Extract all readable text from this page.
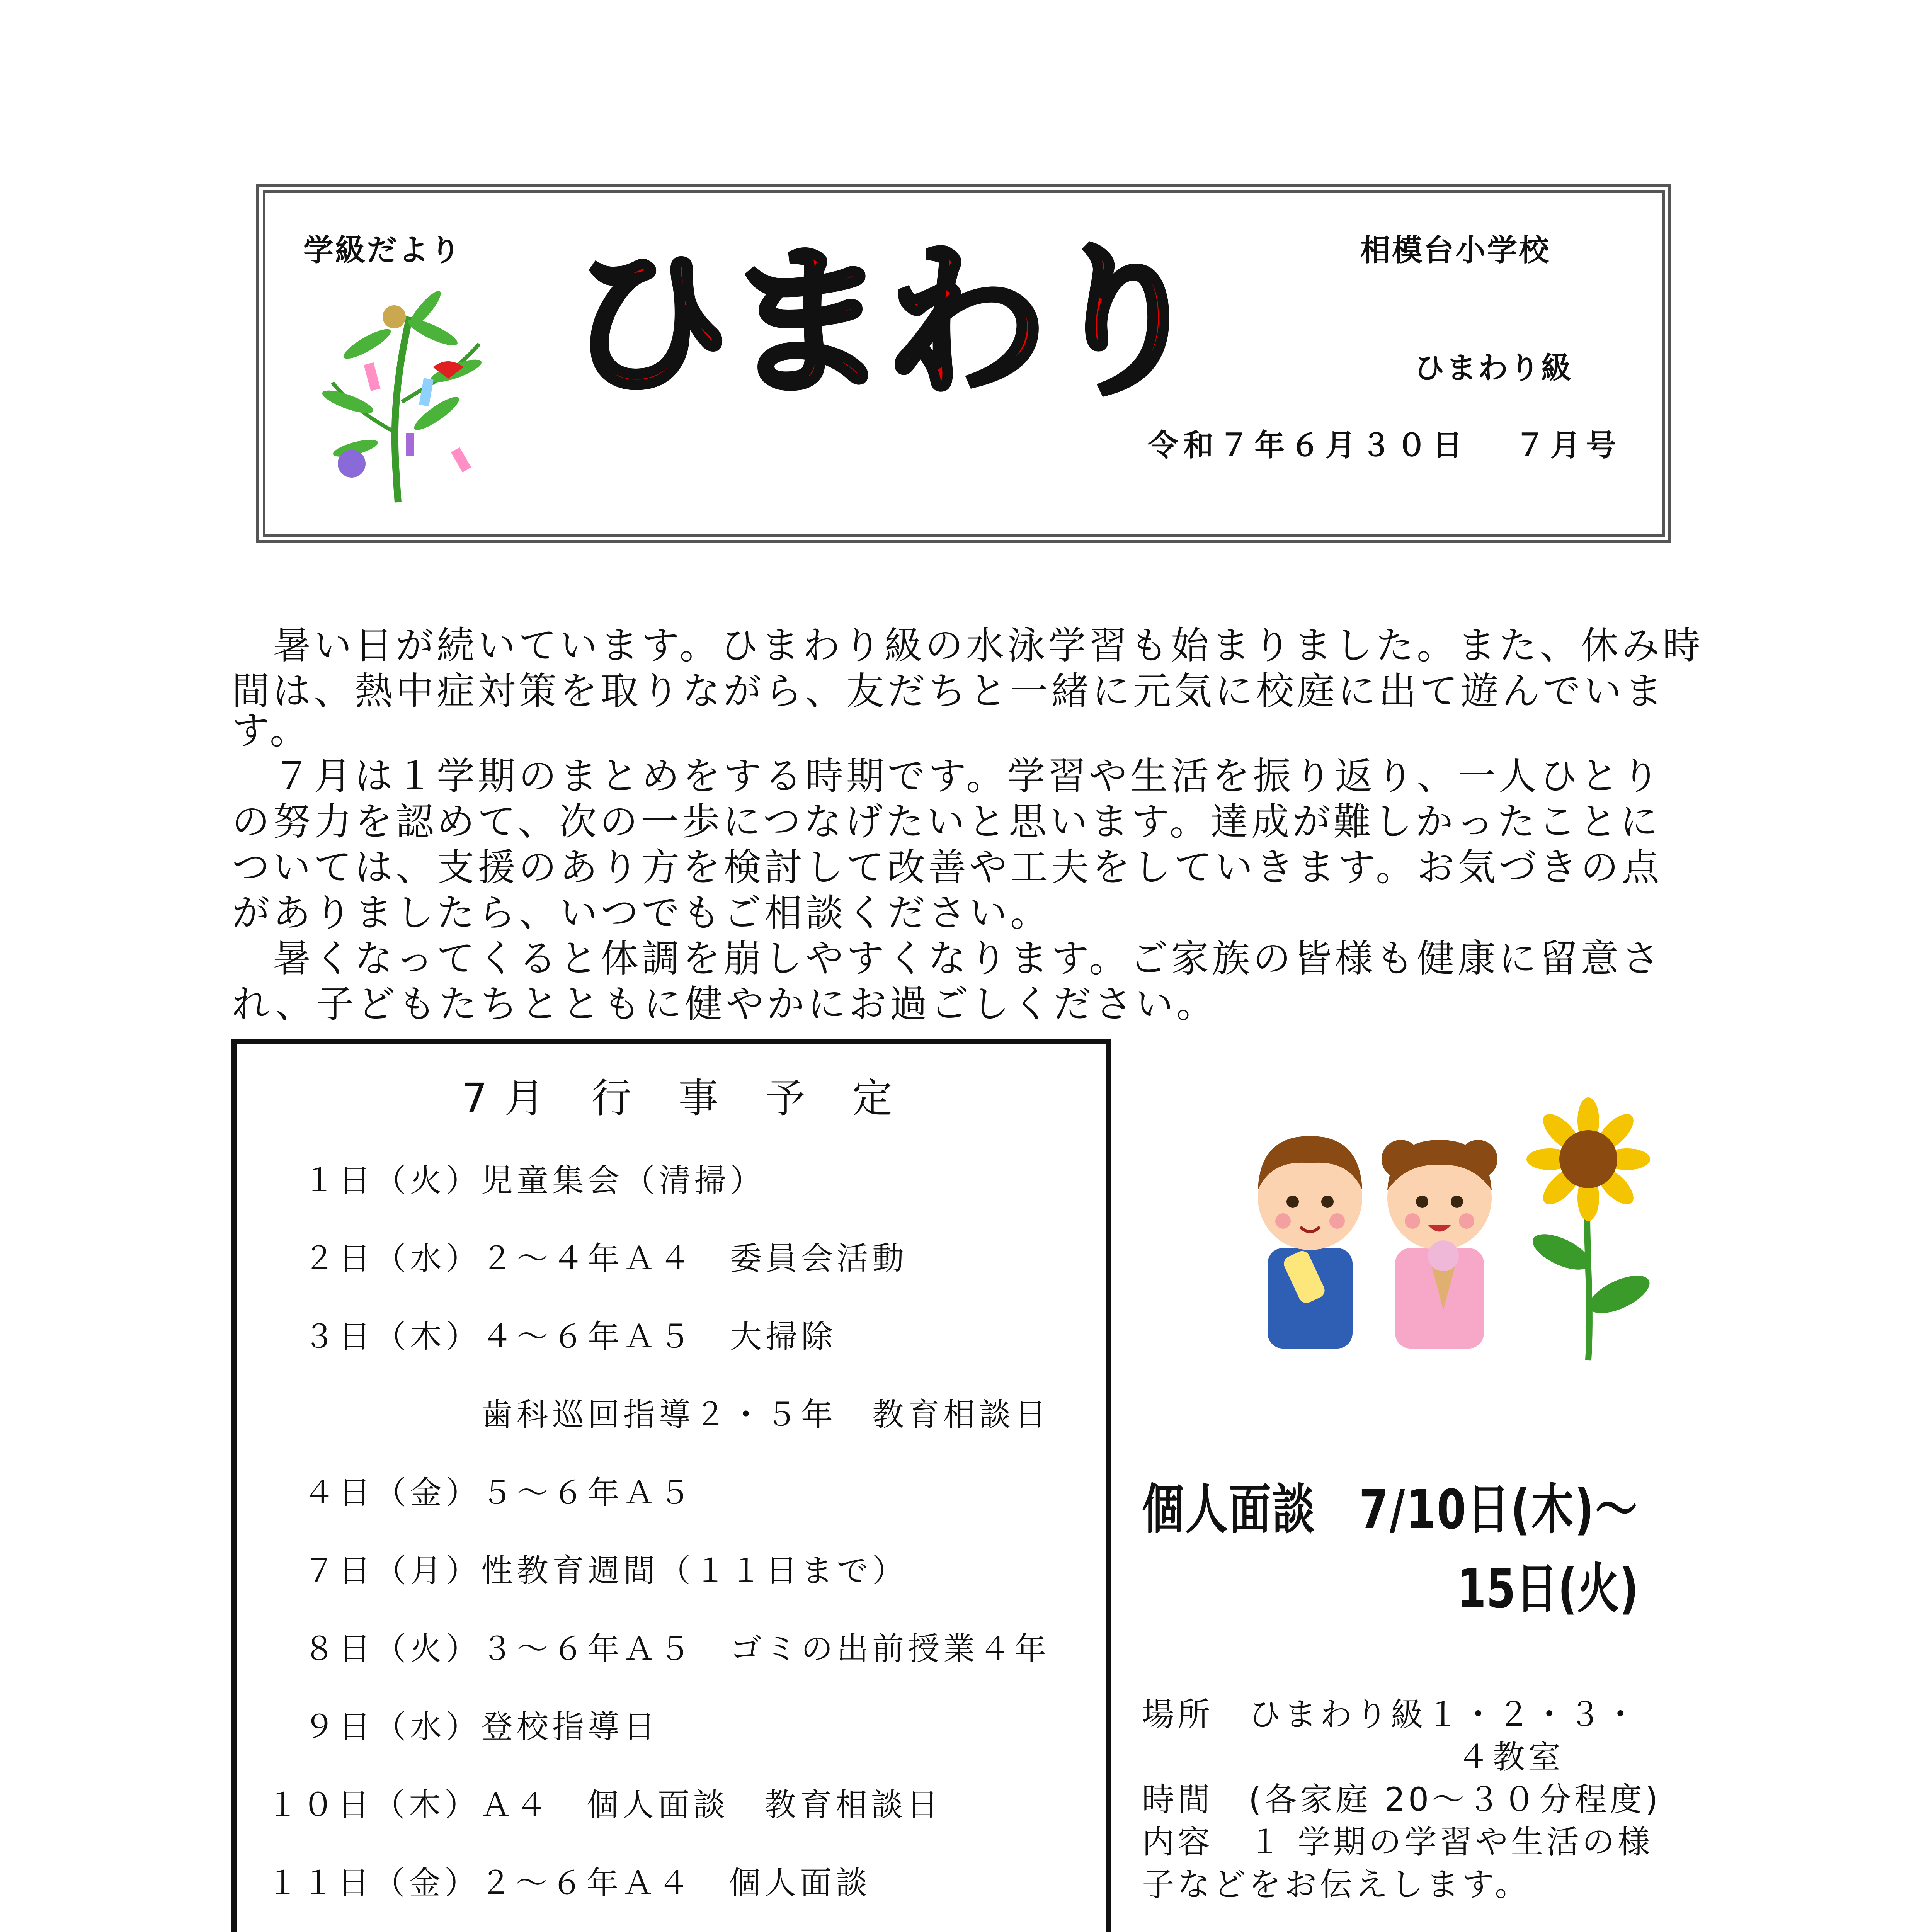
学級だより	相模台小学校
ひまわり級
令和７年６月３０日 ７月号
ひまわり
　暑い日が続いています。ひまわり級の水泳学習も始まりました。また、休み時
間は、熱中症対策を取りながら、友だちと一緒に元気に校庭に出て遊んでいま
す。
　７月は１学期のまとめをする時期です。学習や生活を振り返り、一人ひとり
の努力を認めて、次の一歩につなげたいと思います。達成が難しかったことに
ついては、支援のあり方を検討して改善や工夫をしていきます。お気づきの点
がありましたら、いつでもご相談ください。
　暑くなってくると体調を崩しやすくなります。ご家族の皆様も健康に留意さ
れ、子どもたちとともに健やかにお過ごしください。
7月 行 事 予 定
１日（火）児童集会（清掃）
２日（水）２～４年Ａ４　委員会活動
３日（木）４～６年Ａ５　大掃除
歯科巡回指導２・５年　教育相談日
４日（金）５～６年Ａ５
７日（月）性教育週間（１１日まで）
８日（火）３～６年Ａ５　ゴミの出前授業４年
９日（水）登校指導日
１０日（木）Ａ４　個人面談　教育相談日
１１日（金）２～６年Ａ４　個人面談
個人面談　7/10日(木)～
15日(火)
場所　ひまわり級１・２・３・
４教室
時間　(各家庭 20～３０分程度)
内容　１ 学期の学習や生活の様
子などをお伝えします。
